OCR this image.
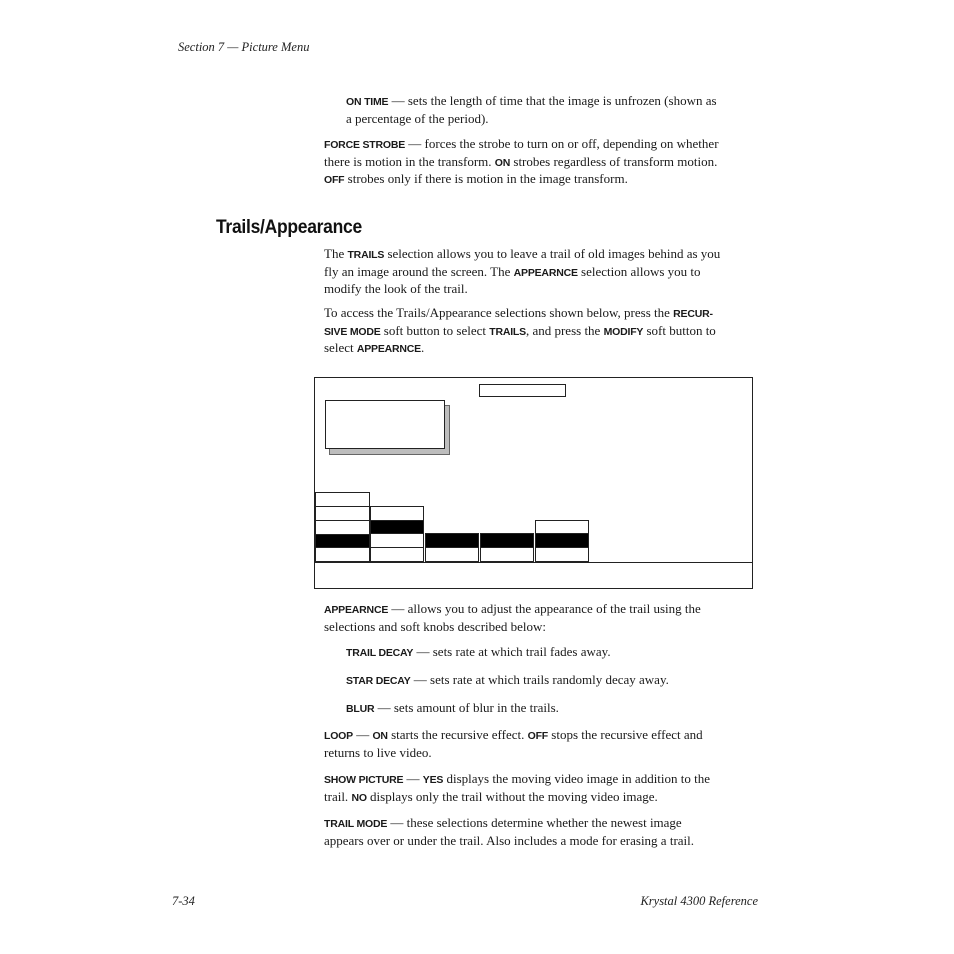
Section 7 — Picture Menu
ON TIME — sets the length of time that the image is unfrozen (shown as
a percentage of the period).
FORCE STROBE — forces the strobe to turn on or off, depending on whether
there is motion in the transform. ON strobes regardless of transform motion.
OFF strobes only if there is motion in the image transform.
Trails/Appearance
The TRAILS selection allows you to leave a trail of old images behind as you
fly an image around the screen. The APPEARNCE selection allows you to
modify the look of the trail.
To access the Trails/Appearance selections shown below, press the RECUR-
SIVE MODE soft button to select TRAILS, and press the MODIFY soft button to
select APPEARNCE.
APPEARNCE — allows you to adjust the appearance of the trail using the
selections and soft knobs described below:
TRAIL DECAY — sets rate at which trail fades away.
STAR DECAY — sets rate at which trails randomly decay away.
BLUR — sets amount of blur in the trails.
LOOP — ON starts the recursive effect. OFF stops the recursive effect and
returns to live video.
SHOW PICTURE — YES displays the moving video image in addition to the
trail. NO displays only the trail without the moving video image.
TRAIL MODE — these selections determine whether the newest image
appears over or under the trail. Also includes a mode for erasing a trail.
7-34	Krystal 4300 Reference
